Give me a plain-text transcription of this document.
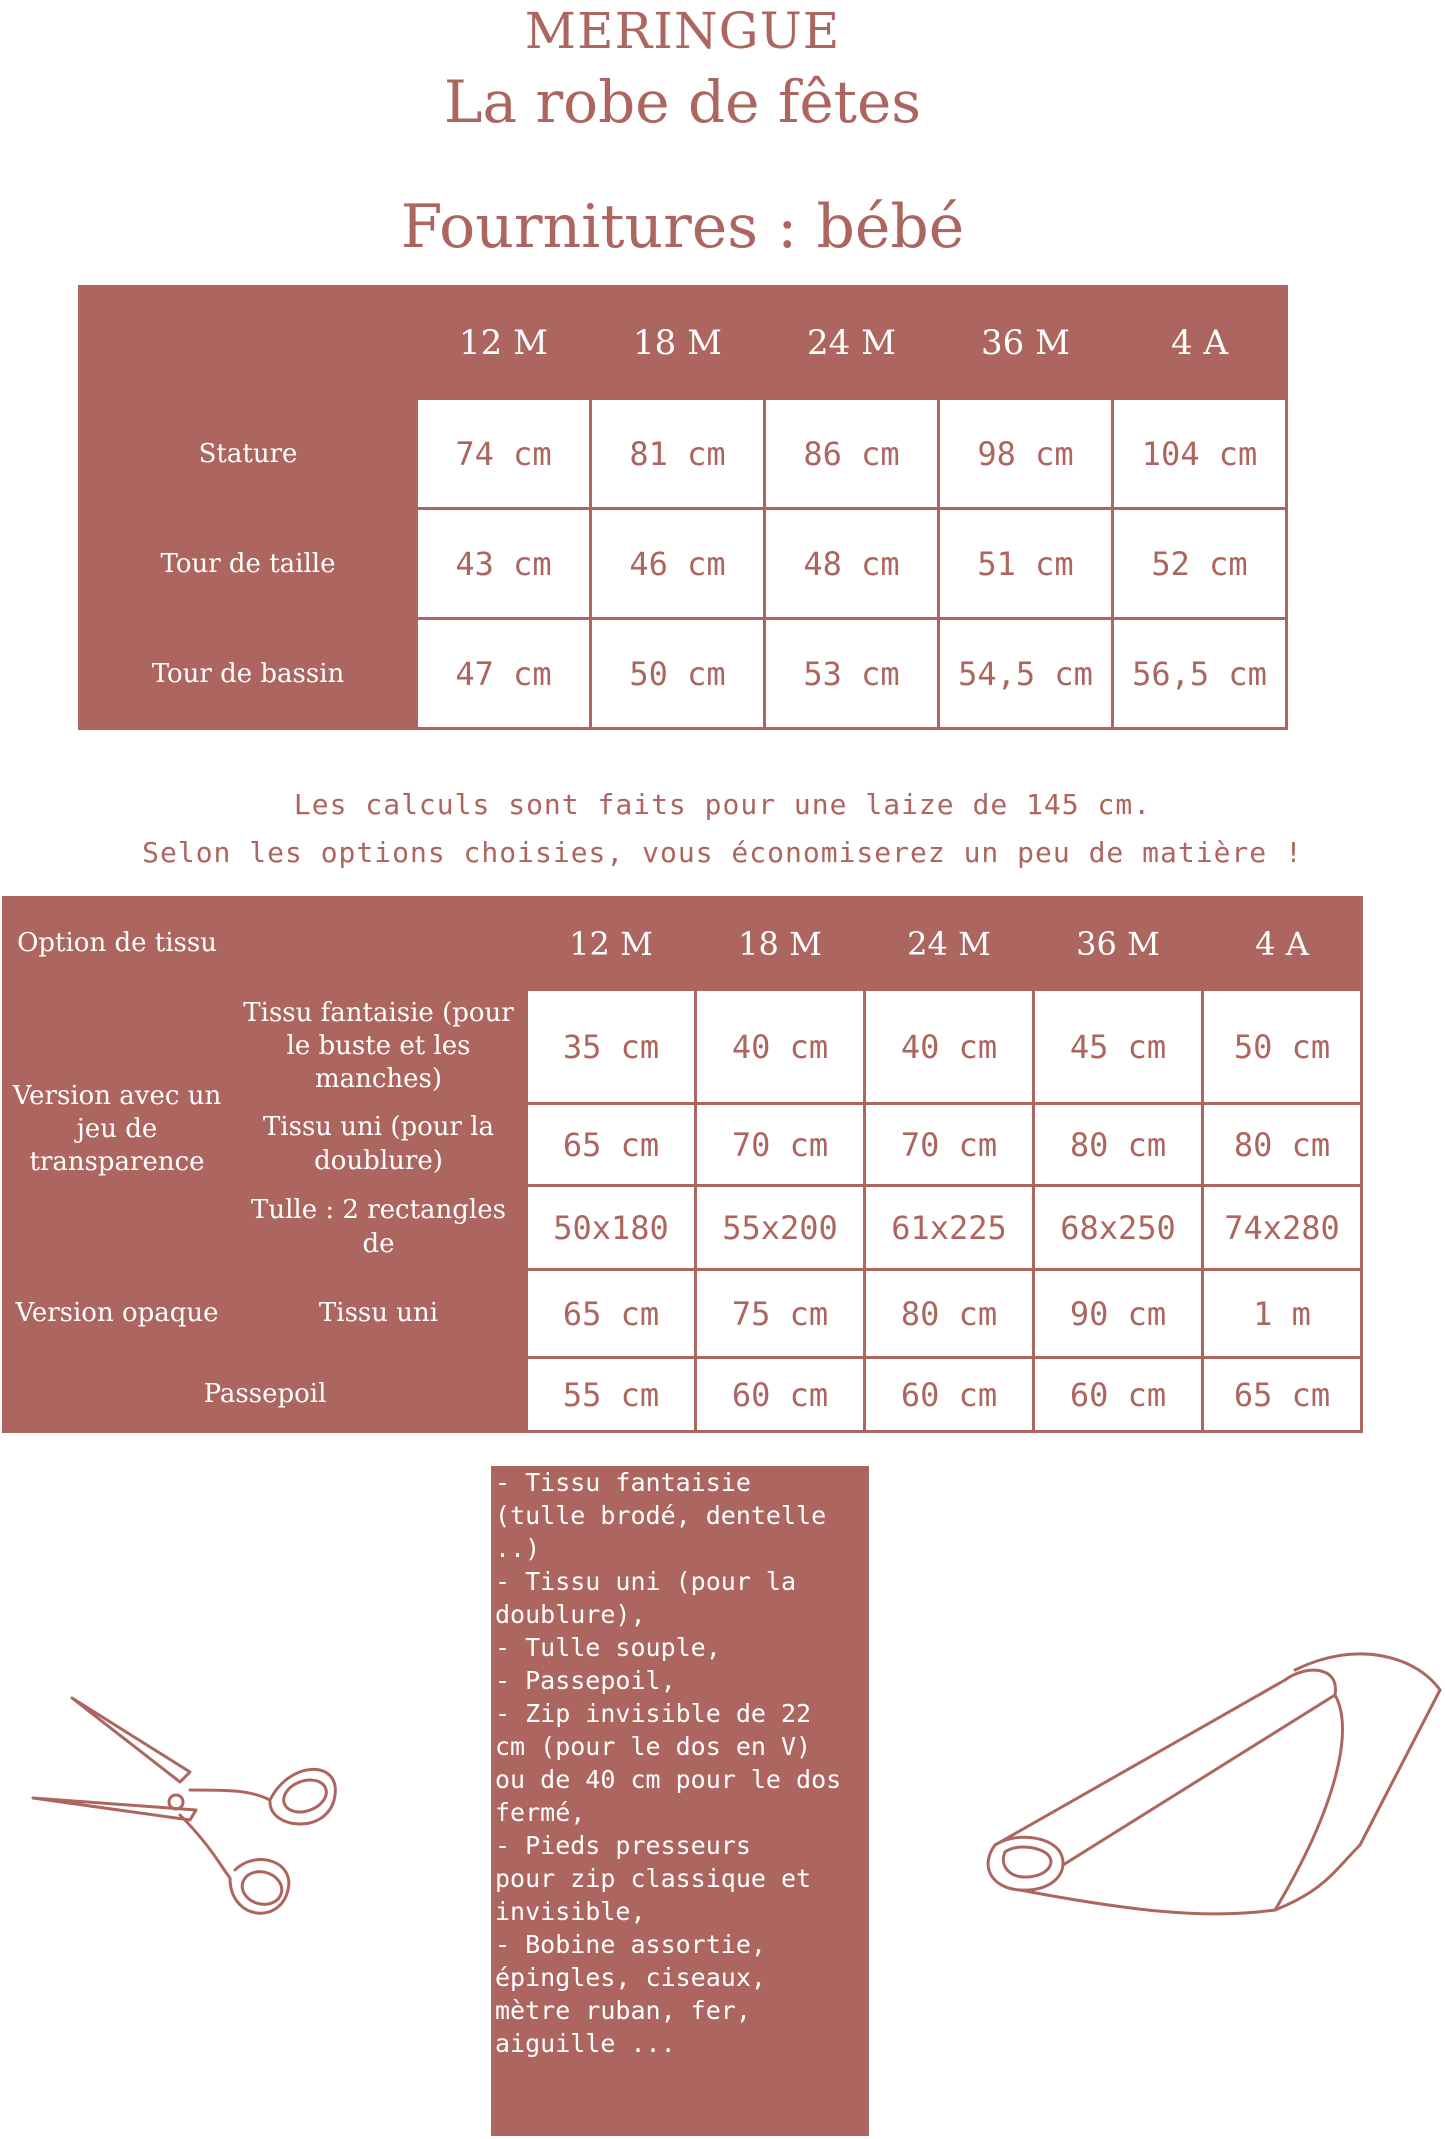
MERINGUE
La robe de fêtes
Fournitures : bébé
	12 M	18 M	24 M	36 M	4 A
Stature	74 cm	81 cm	86 cm	98 cm	104 cm
Tour de taille	43 cm	46 cm	48 cm	51 cm	52 cm
Tour de bassin	47 cm	50 cm	53 cm	54,5 cm	56,5 cm
Les calculs sont faits pour une laize de 145 cm.
Selon les options choisies, vous économiserez un peu de matière !
Option de tissu		12 M	18 M	24 M	36 M	4 A
Version avec un jeu de transparence	Tissu fantaisie (pour le buste et les manches)	35 cm	40 cm	40 cm	45 cm	50 cm
	Tissu uni (pour la doublure)	65 cm	70 cm	70 cm	80 cm	80 cm
	Tulle : 2 rectangles de	50x180	55x200	61x225	68x250	74x280
Version opaque	Tissu uni	65 cm	75 cm	80 cm	90 cm	1 m
Passepoil		55 cm	60 cm	60 cm	60 cm	65 cm
- Tissu fantaisie
(tulle brodé, dentelle
..)
- Tissu uni (pour la
doublure),
- Tulle souple,
- Passepoil,
- Zip invisible de 22
cm (pour le dos en V)
ou de 40 cm pour le dos
fermé,
- Pieds presseurs
pour zip classique et
invisible,
- Bobine assortie,
épingles, ciseaux,
mètre ruban, fer,
aiguille ...
